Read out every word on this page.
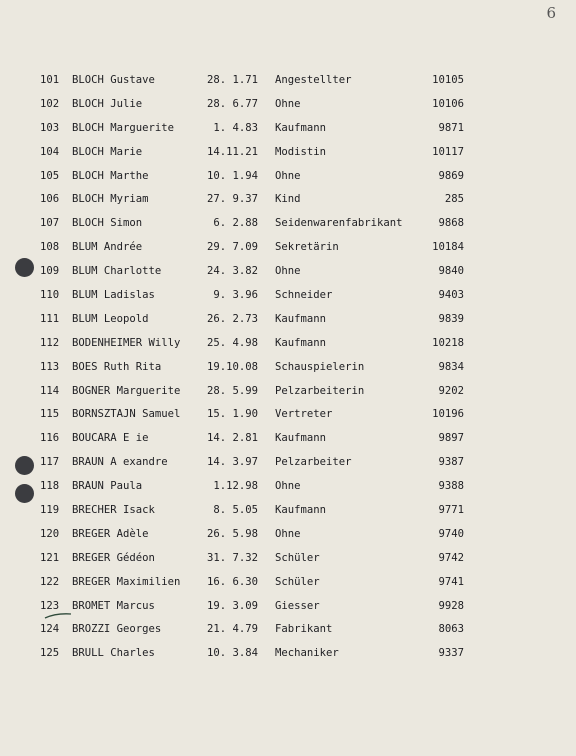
6
101	BLOCH Gustave	28. 1.71 Angestellter	10105
102	BLOCH Julie	28. 6.77 Ohne	10106
103	BLOCH Marguerite	1. 4.83 Kaufmann	9871
104	BLOCH Marie	14.11.21 Modistin	10117
105	BLOCH Marthe	10. 1.94 Ohne	9869
106	BLOCH Myriam	27. 9.37 Kind	285
107	BLOCH Simon	6. 2.88 Seidenwarenfabrikant	9868
108	BLUM Andrée	29. 7.09 Sekretärin	10184
109	BLUM Charlotte	24. 3.82 Ohne	9840
110	BLUM Ladislas	9. 3.96 Schneider	9403
111	BLUM Leopold	26. 2.73 Kaufmann	9839
112	BODENHEIMER Willy	25. 4.98 Kaufmann	10218
113	BOES Ruth Rita	19.10.08 Schauspielerin	9834
114	BOGNER Marguerite	28. 5.99 Pelzarbeiterin	9202
115	BORNSZTAJN Samuel	15. 1.90 Vertreter	10196
116	BOUCARA E ie	14. 2.81 Kaufmann	9897
117	BRAUN A exandre	14. 3.97 Pelzarbeiter	9387
118	BRAUN Paula	1.12.98 Ohne	9388
119	BRECHER Isack	8. 5.05 Kaufmann	9771
120	BREGER Adèle	26. 5.98 Ohne	9740
121	BREGER Gédéon	31. 7.32 Schüler	9742
122	BREGER Maximilien	16. 6.30 Schüler	9741
123	BROMET Marcus	19. 3.09 Giesser	9928
124	BROZZI Georges	21. 4.79 Fabrikant	8063
125	BRULL Charles	10. 3.84 Mechaniker	9337
